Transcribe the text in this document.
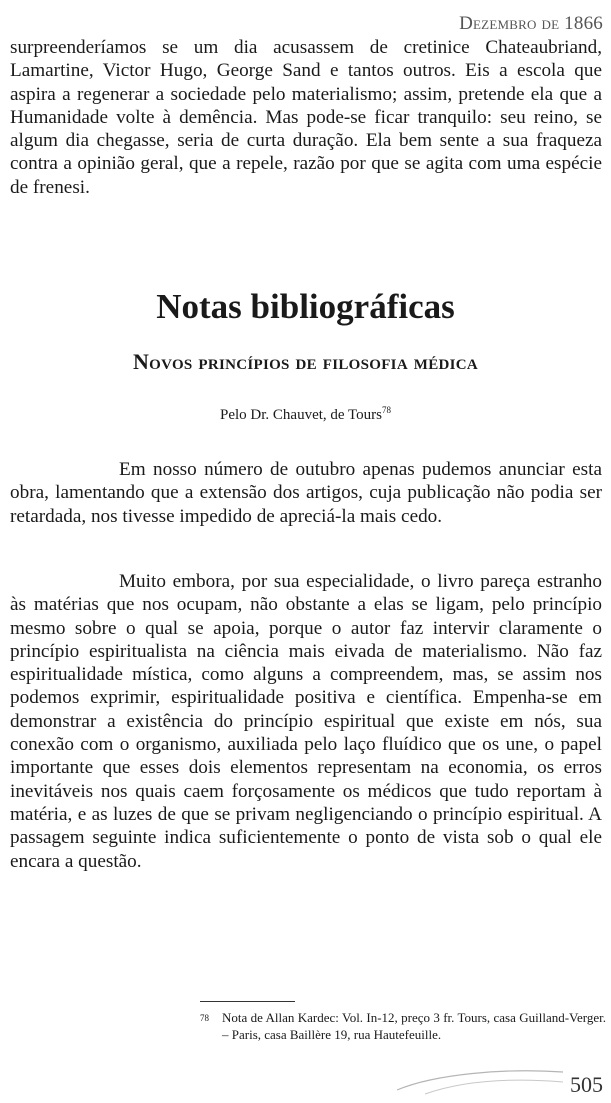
Dezembro de 1866

surpreenderíamos se um dia acusassem de cretinice Chateaubriand, Lamartine, Victor Hugo, George Sand e tantos outros. Eis a escola que aspira a regenerar a sociedade pelo materialismo; assim, pretende ela que a Humanidade volte à demência. Mas pode-se ficar tranquilo: seu reino, se algum dia chegasse, seria de curta duração. Ela bem sente a sua fraqueza contra a opinião geral, que a repele, razão por que se agita com uma espécie de frenesi.

Notas bibliográficas
Novos princípios de filosofia médica

Pelo Dr. Chauvet, de Tours$^{78}$

Em nosso número de outubro apenas pudemos anunciar esta obra, lamentando que a extensão dos artigos, cuja publicação não podia ser retardada, nos tivesse impedido de apreciá-la mais cedo.

Muito embora, por sua especialidade, o livro pareça estranho às matérias que nos ocupam, não obstante a elas se ligam, pelo princípio mesmo sobre o qual se apoia, porque o autor faz intervir claramente o princípio espiritualista na ciência mais eivada de materialismo. Não faz espiritualidade mística, como alguns a compreendem, mas, se assim nos podemos exprimir, espiritualidade positiva e científica. Empenha-se em demonstrar a existência do princípio espiritual que existe em nós, sua conexão com o organismo, auxiliada pelo laço fluídico que os une, o papel importante que esses dois elementos representam na economia, os erros inevitáveis nos quais caem forçosamente os médicos que tudo reportam à matéria, e as luzes de que se privam negligenciando o princípio espiritual. A passagem seguinte indica suficientemente o ponto de vista sob o qual ele encara a questão.

78 Nota de Allan Kardec: Vol. In-12, preço 3 fr. Tours, casa Guilland-Verger. – Paris, casa Baillère 19, rua Hautefeuille.
505
